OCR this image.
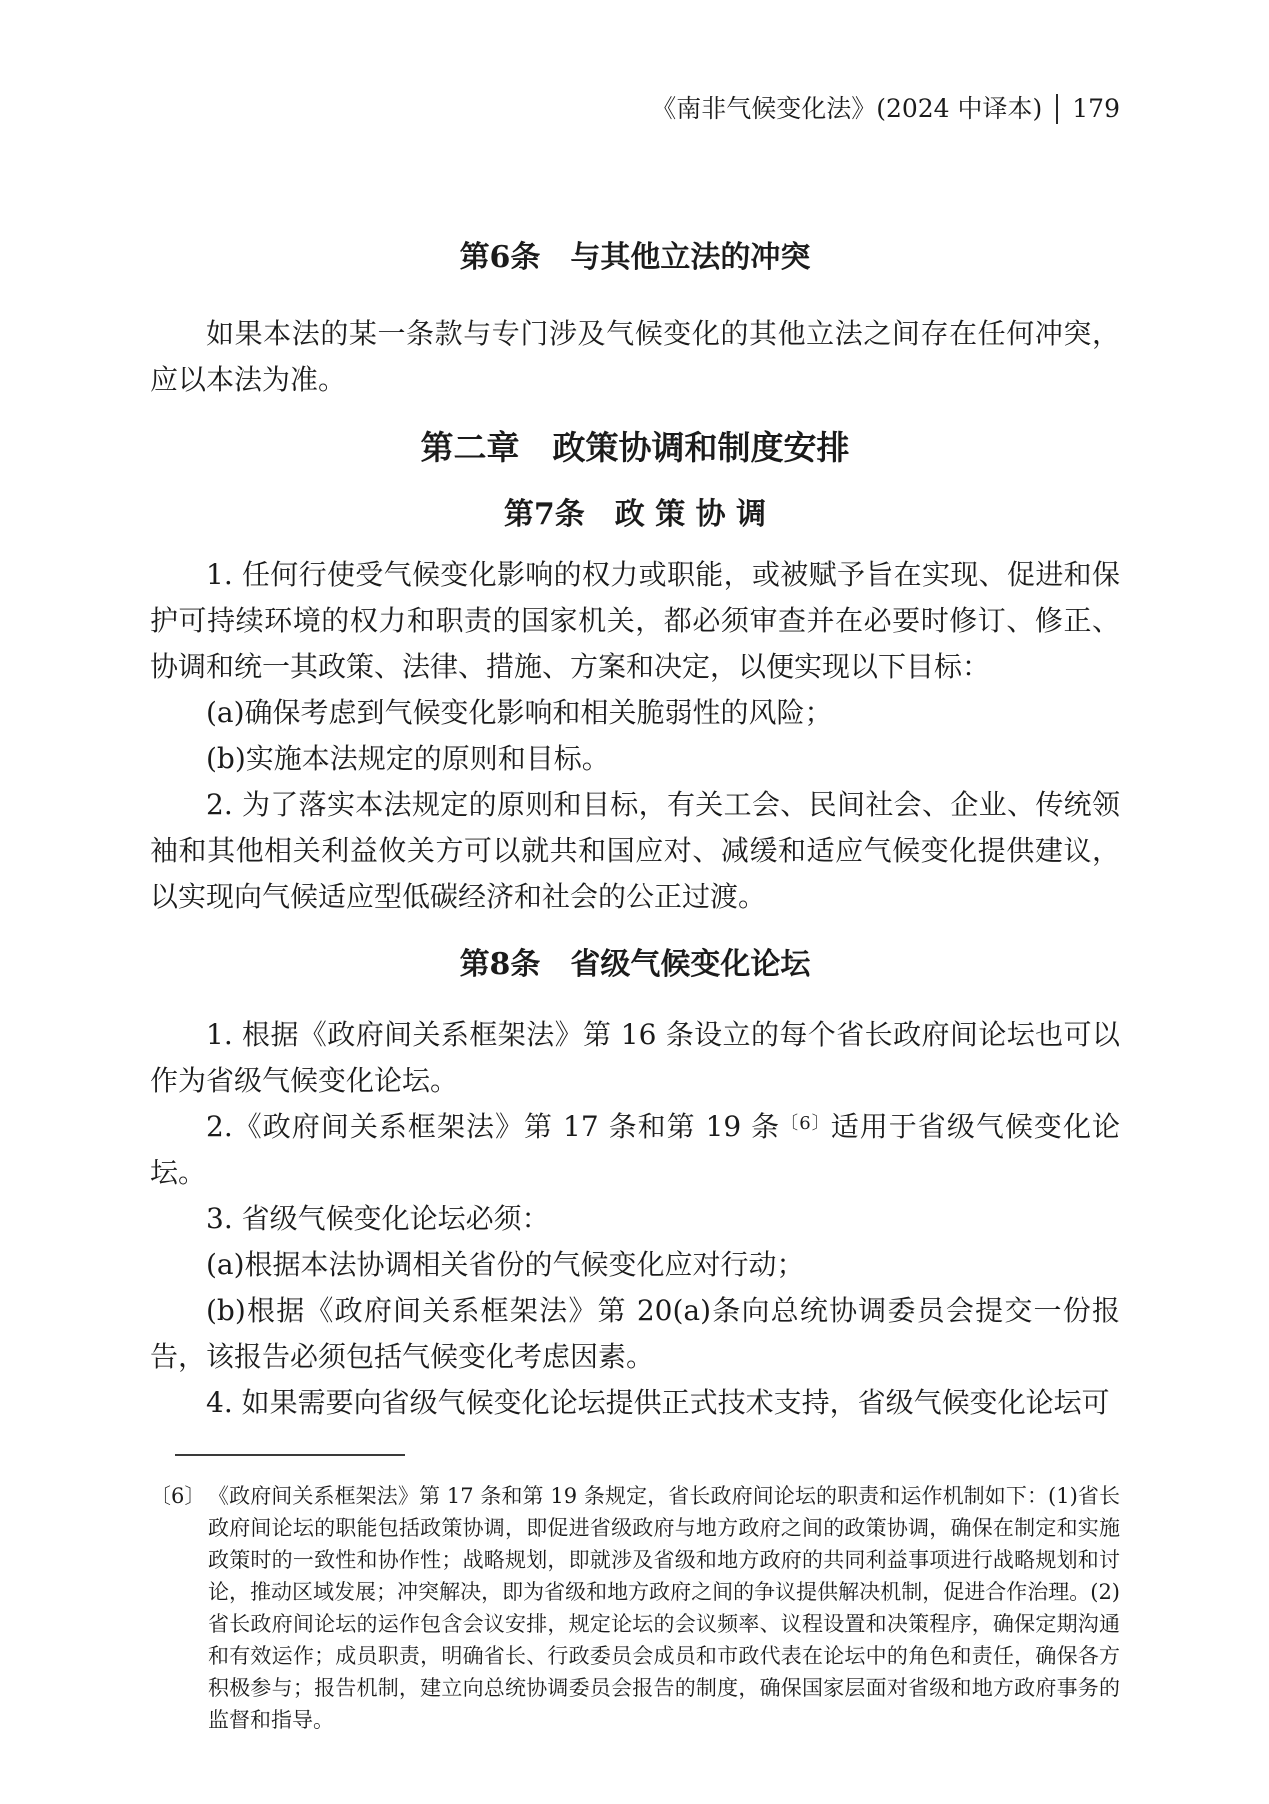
《南非气候变化法》(2024 中译本) 179
第6条　与其他立法的冲突

如果本法的某一条款与专门涉及气候变化的其他立法之间存在任何冲突，应以本法为准。

第二章　政策协调和制度安排
第7条　政 策 协 调

1. 任何行使受气候变化影响的权力或职能，或被赋予旨在实现、促进和保护可持续环境的权力和职责的国家机关，都必须审查并在必要时修订、修正、协调和统一其政策、法律、措施、方案和决定，以便实现以下目标：

(a)确保考虑到气候变化影响和相关脆弱性的风险；

(b)实施本法规定的原则和目标。

2. 为了落实本法规定的原则和目标，有关工会、民间社会、企业、传统领袖和其他相关利益攸关方可以就共和国应对、减缓和适应气候变化提供建议，以实现向气候适应型低碳经济和社会的公正过渡。

第8条　省级气候变化论坛

1. 根据《政府间关系框架法》第 16 条设立的每个省长政府间论坛也可以作为省级气候变化论坛。

2.《政府间关系框架法》第 17 条和第 19 条$^{〔6〕}$适用于省级气候变化论坛。

3. 省级气候变化论坛必须：

(a)根据本法协调相关省份的气候变化应对行动；

(b)根据《政府间关系框架法》第 20(a)条向总统协调委员会提交一份报告，该报告必须包括气候变化考虑因素。

4. 如果需要向省级气候变化论坛提供正式技术支持，省级气候变化论坛可

〔6〕 《政府间关系框架法》第 17 条和第 19 条规定，省长政府间论坛的职责和运作机制如下：(1)省长政府间论坛的职能包括政策协调，即促进省级政府与地方政府之间的政策协调，确保在制定和实施政策时的一致性和协作性；战略规划，即就涉及省级和地方政府的共同利益事项进行战略规划和讨论，推动区域发展；冲突解决，即为省级和地方政府之间的争议提供解决机制，促进合作治理。(2)省长政府间论坛的运作包含会议安排，规定论坛的会议频率、议程设置和决策程序，确保定期沟通和有效运作；成员职责，明确省长、行政委员会成员和市政代表在论坛中的角色和责任，确保各方积极参与；报告机制，建立向总统协调委员会报告的制度，确保国家层面对省级和地方政府事务的监督和指导。
